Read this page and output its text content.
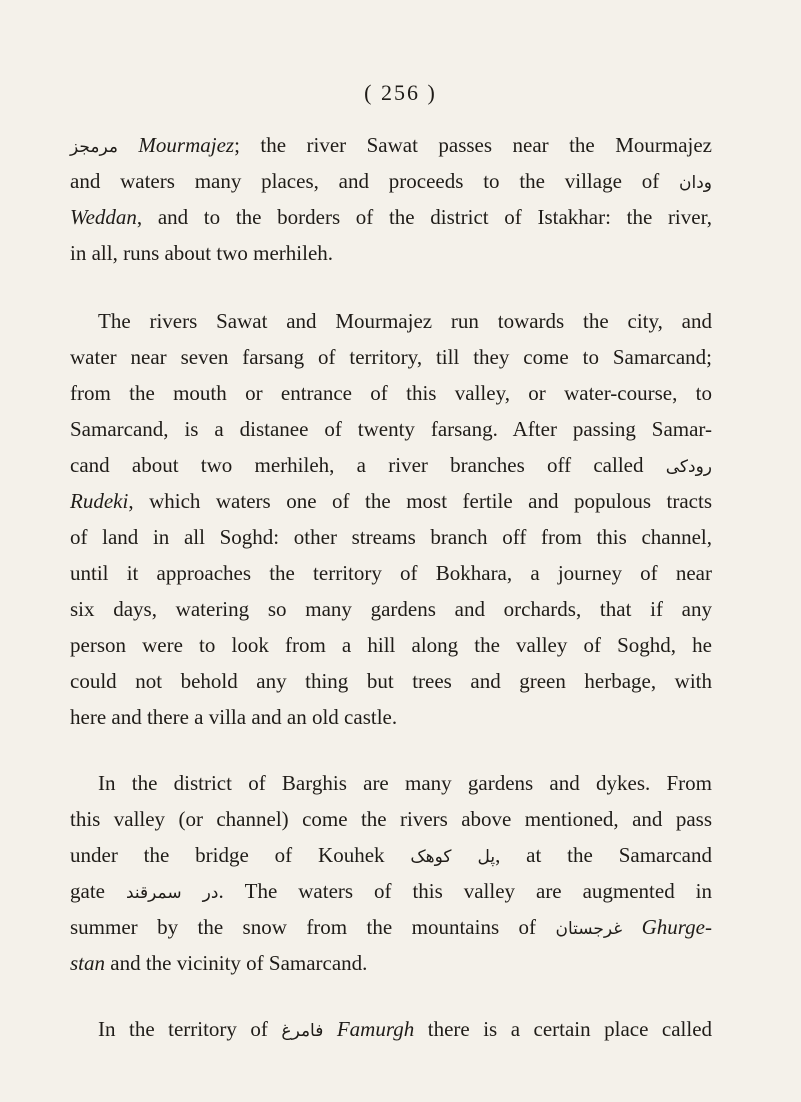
( 256 )
مرمجز Mourmajez; the river Sawat passes near the Mourmajez
and waters many places, and proceeds to the village of ودان
Weddan, and to the borders of the district of Istakhar: the river,
in all, runs about two merhileh.
The rivers Sawat and Mourmajez run towards the city, and
water near seven farsang of territory, till they come to Samarcand;
from the mouth or entrance of this valley, or water-course, to
Samarcand, is a distanee of twenty farsang. After passing Samar-
cand about two merhileh, a river branches off called رودکی
Rudeki, which waters one of the most fertile and populous tracts
of land in all Soghd: other streams branch off from this channel,
until it approaches the territory of Bokhara, a journey of near
six days, watering so many gardens and orchards, that if any
person were to look from a hill along the valley of Soghd, he
could not behold any thing but trees and green herbage, with
here and there a villa and an old castle.
In the district of Barghis are many gardens and dykes. From
this valley (or channel) come the rivers above mentioned, and pass
under the bridge of Kouhek پل کوهک, at the Samarcand
gate در سمرقند. The waters of this valley are augmented in
summer by the snow from the mountains of غرجستان Ghurge-
stan and the vicinity of Samarcand.
In the territory of فامرغ Famurgh there is a certain place called
